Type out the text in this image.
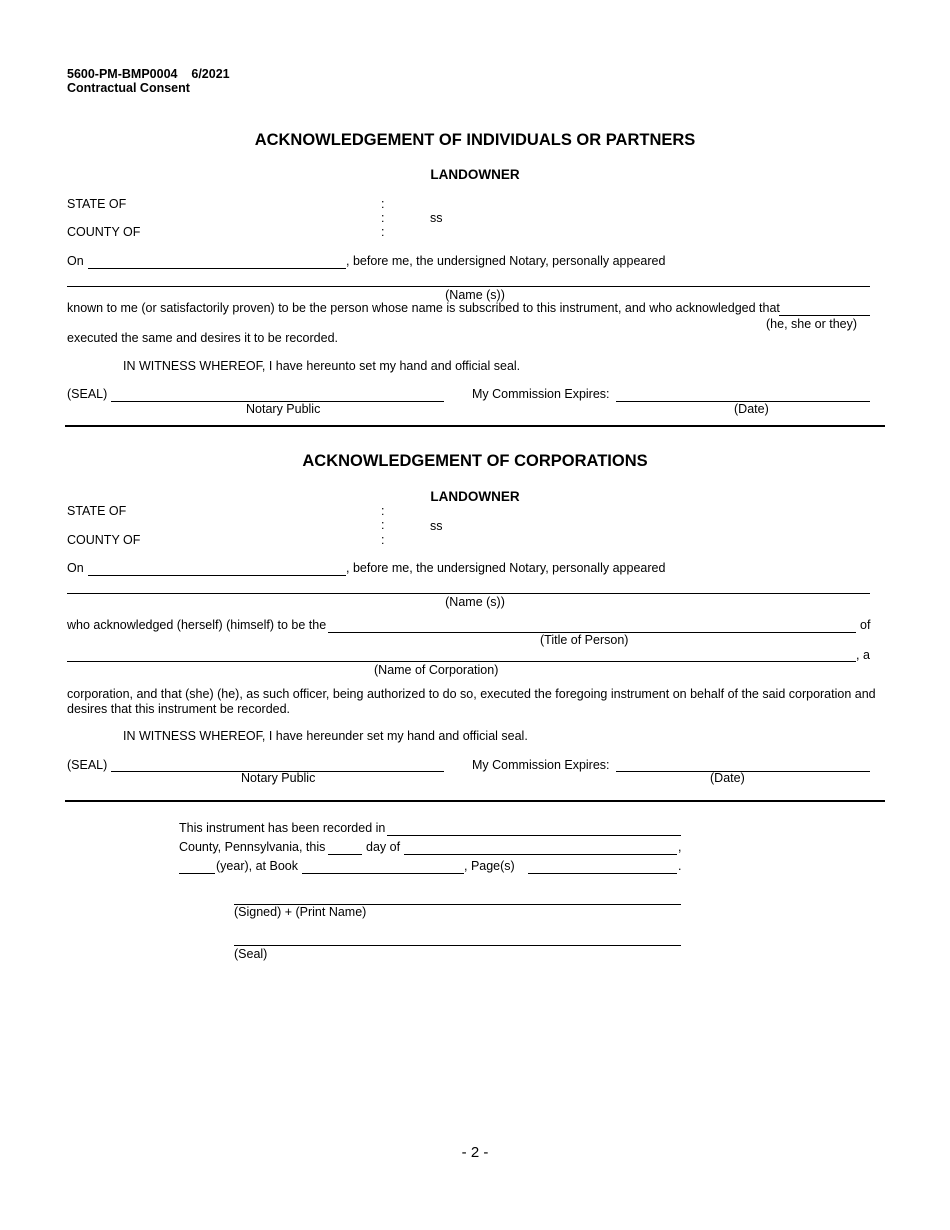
5600-PM-BMP0004 6/2021
Contractual Consent
ACKNOWLEDGEMENT OF INDIVIDUALS OR PARTNERS
LANDOWNER
STATE OF	:
:	ss
COUNTY OF	:
On	, before me, the undersigned Notary, personally appeared
(Name (s))
known to me (or satisfactorily proven) to be the person whose name is subscribed to this instrument, and who acknowledged that
(he, she or they)
executed the same and desires it to be recorded.
IN WITNESS WHEREOF, I have hereunto set my hand and official seal.
(SEAL)	My Commission Expires:
Notary Public	(Date)
ACKNOWLEDGEMENT OF CORPORATIONS
LANDOWNER
STATE OF	:
:	ss
COUNTY OF	:
On	, before me, the undersigned Notary, personally appeared
(Name (s))
who acknowledged (herself) (himself) to be the	of
(Title of Person)
, a
(Name of Corporation)
corporation, and that (she) (he), as such officer, being authorized to do so, executed the foregoing instrument on behalf of the said corporation and desires that this instrument be recorded.
IN WITNESS WHEREOF, I have hereunder set my hand and official seal.
(SEAL)	My Commission Expires:
Notary Public	(Date)
This instrument has been recorded in
County, Pennsylvania, this	day of	,
(year), at Book	, Page(s)	.
(Signed) + (Print Name)
(Seal)
- 2 -
